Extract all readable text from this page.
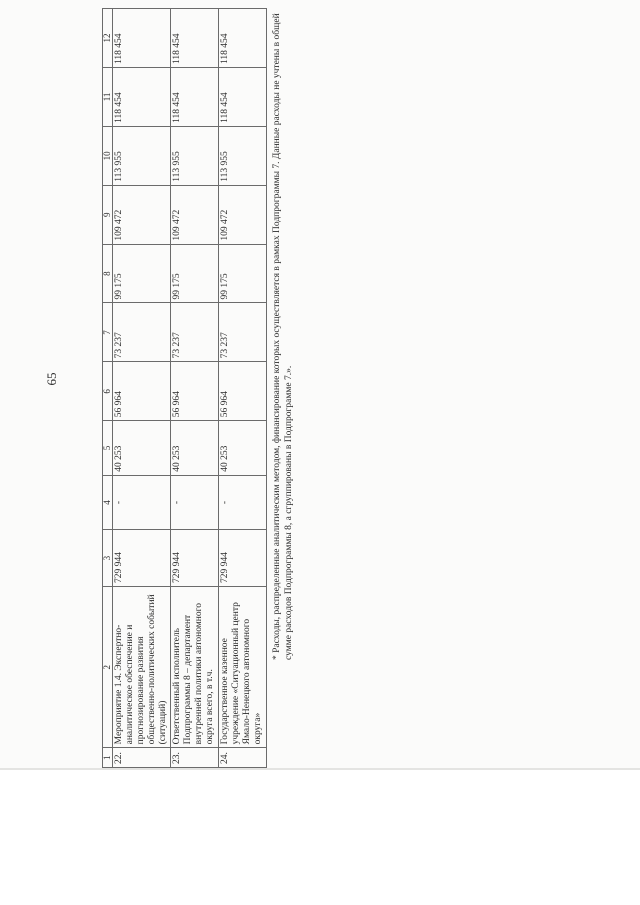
65
1	2	3	4	5	6	7	8	9	10	11	12
22.	Мероприятие 1.4. Экспертно-аналитическое обеспечение и прогнозирование развития общественно-политических событий (ситуаций)	729 944	-	40 253	56 964	73 237	99 175	109 472	113 955	118 454	118 454
23.	Ответственный исполнитель Подпрограммы 8 – департамент внутренней политики автономного округа всего, в т.ч.	729 944	-	40 253	56 964	73 237	99 175	109 472	113 955	118 454	118 454
24.	Государственное казенное учреждение «Ситуационный центр Ямало-Ненецкого автономного округа»	729 944	-	40 253	56 964	73 237	99 175	109 472	113 955	118 454	118 454	* Расходы, распределенные аналитическим методом, финансирование которых осуществляется в рамках Подпрограммы 7. Данные расходы не учтены в общей сумме расходов Подпрограммы 8, а сгруппированы в Подпрограмме 7.».
